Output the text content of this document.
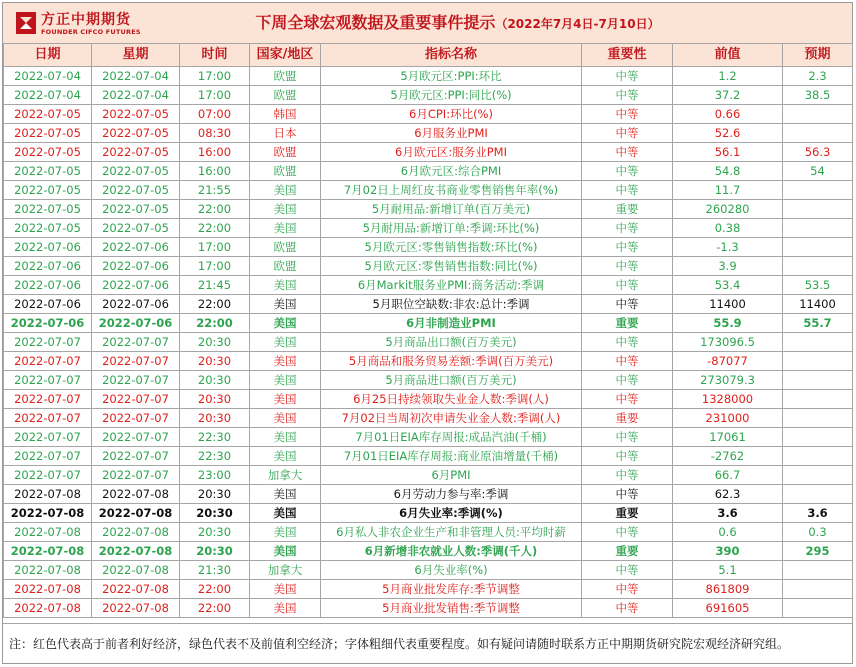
方正中期期货
FOUNDER CIFCO FUTURES	下周全球宏观数据及重要事件提示（2022年7月4日-7月10日）
日期	星期	时间	国家/地区	指标名称	重要性	前值	预期
2022-07-04	2022-07-04	17:00	欧盟	5月欧元区:PPI:环比	中等	1.2	2.3
2022-07-04	2022-07-04	17:00	欧盟	5月欧元区:PPI:同比(%)	中等	37.2	38.5
2022-07-05	2022-07-05	07:00	韩国	6月CPI:环比(%)	中等	0.66	
2022-07-05	2022-07-05	08:30	日本	6月服务业PMI	中等	52.6	
2022-07-05	2022-07-05	16:00	欧盟	6月欧元区:服务业PMI	中等	56.1	56.3
2022-07-05	2022-07-05	16:00	欧盟	6月欧元区:综合PMI	中等	54.8	54
2022-07-05	2022-07-05	21:55	美国	7月02日上周红皮书商业零售销售年率(%)	中等	11.7	
2022-07-05	2022-07-05	22:00	美国	5月耐用品:新增订单(百万美元)	重要	260280	
2022-07-05	2022-07-05	22:00	美国	5月耐用品:新增订单:季调:环比(%)	中等	0.38	
2022-07-06	2022-07-06	17:00	欧盟	5月欧元区:零售销售指数:环比(%)	中等	-1.3	
2022-07-06	2022-07-06	17:00	欧盟	5月欧元区:零售销售指数:同比(%)	中等	3.9	
2022-07-06	2022-07-06	21:45	美国	6月Markit服务业PMI:商务活动:季调	中等	53.4	53.5
2022-07-06	2022-07-06	22:00	美国	5月职位空缺数:非农:总计:季调	中等	11400	11400
2022-07-06	2022-07-06	22:00	美国	6月非制造业PMI	重要	55.9	55.7
2022-07-07	2022-07-07	20:30	美国	5月商品出口额(百万美元)	中等	173096.5	
2022-07-07	2022-07-07	20:30	美国	5月商品和服务贸易差额:季调(百万美元)	中等	-87077	
2022-07-07	2022-07-07	20:30	美国	5月商品进口额(百万美元)	中等	273079.3	
2022-07-07	2022-07-07	20:30	美国	6月25日持续领取失业金人数:季调(人)	中等	1328000	
2022-07-07	2022-07-07	20:30	美国	7月02日当周初次申请失业金人数:季调(人)	重要	231000	
2022-07-07	2022-07-07	22:30	美国	7月01日EIA库存周报:成品汽油(千桶)	中等	17061	
2022-07-07	2022-07-07	22:30	美国	7月01日EIA库存周报:商业原油增量(千桶)	中等	-2762	
2022-07-07	2022-07-07	23:00	加拿大	6月PMI	中等	66.7	
2022-07-08	2022-07-08	20:30	美国	6月劳动力参与率:季调	中等	62.3	
2022-07-08	2022-07-08	20:30	美国	6月失业率:季调(%)	重要	3.6	3.6
2022-07-08	2022-07-08	20:30	美国	6月私人非农企业生产和非管理人员:平均时薪	中等	0.6	0.3
2022-07-08	2022-07-08	20:30	美国	6月新增非农就业人数:季调(千人)	重要	390	295
2022-07-08	2022-07-08	21:30	加拿大	6月失业率(%)	中等	5.1	
2022-07-08	2022-07-08	22:00	美国	5月商业批发库存:季节调整	中等	861809	
2022-07-08	2022-07-08	22:00	美国	5月商业批发销售:季节调整	中等	691605	
注：红色代表高于前者利好经济，绿色代表不及前值利空经济；字体粗细代表重要程度。如有疑问请随时联系方正中期期货研究院宏观经济研究组。
